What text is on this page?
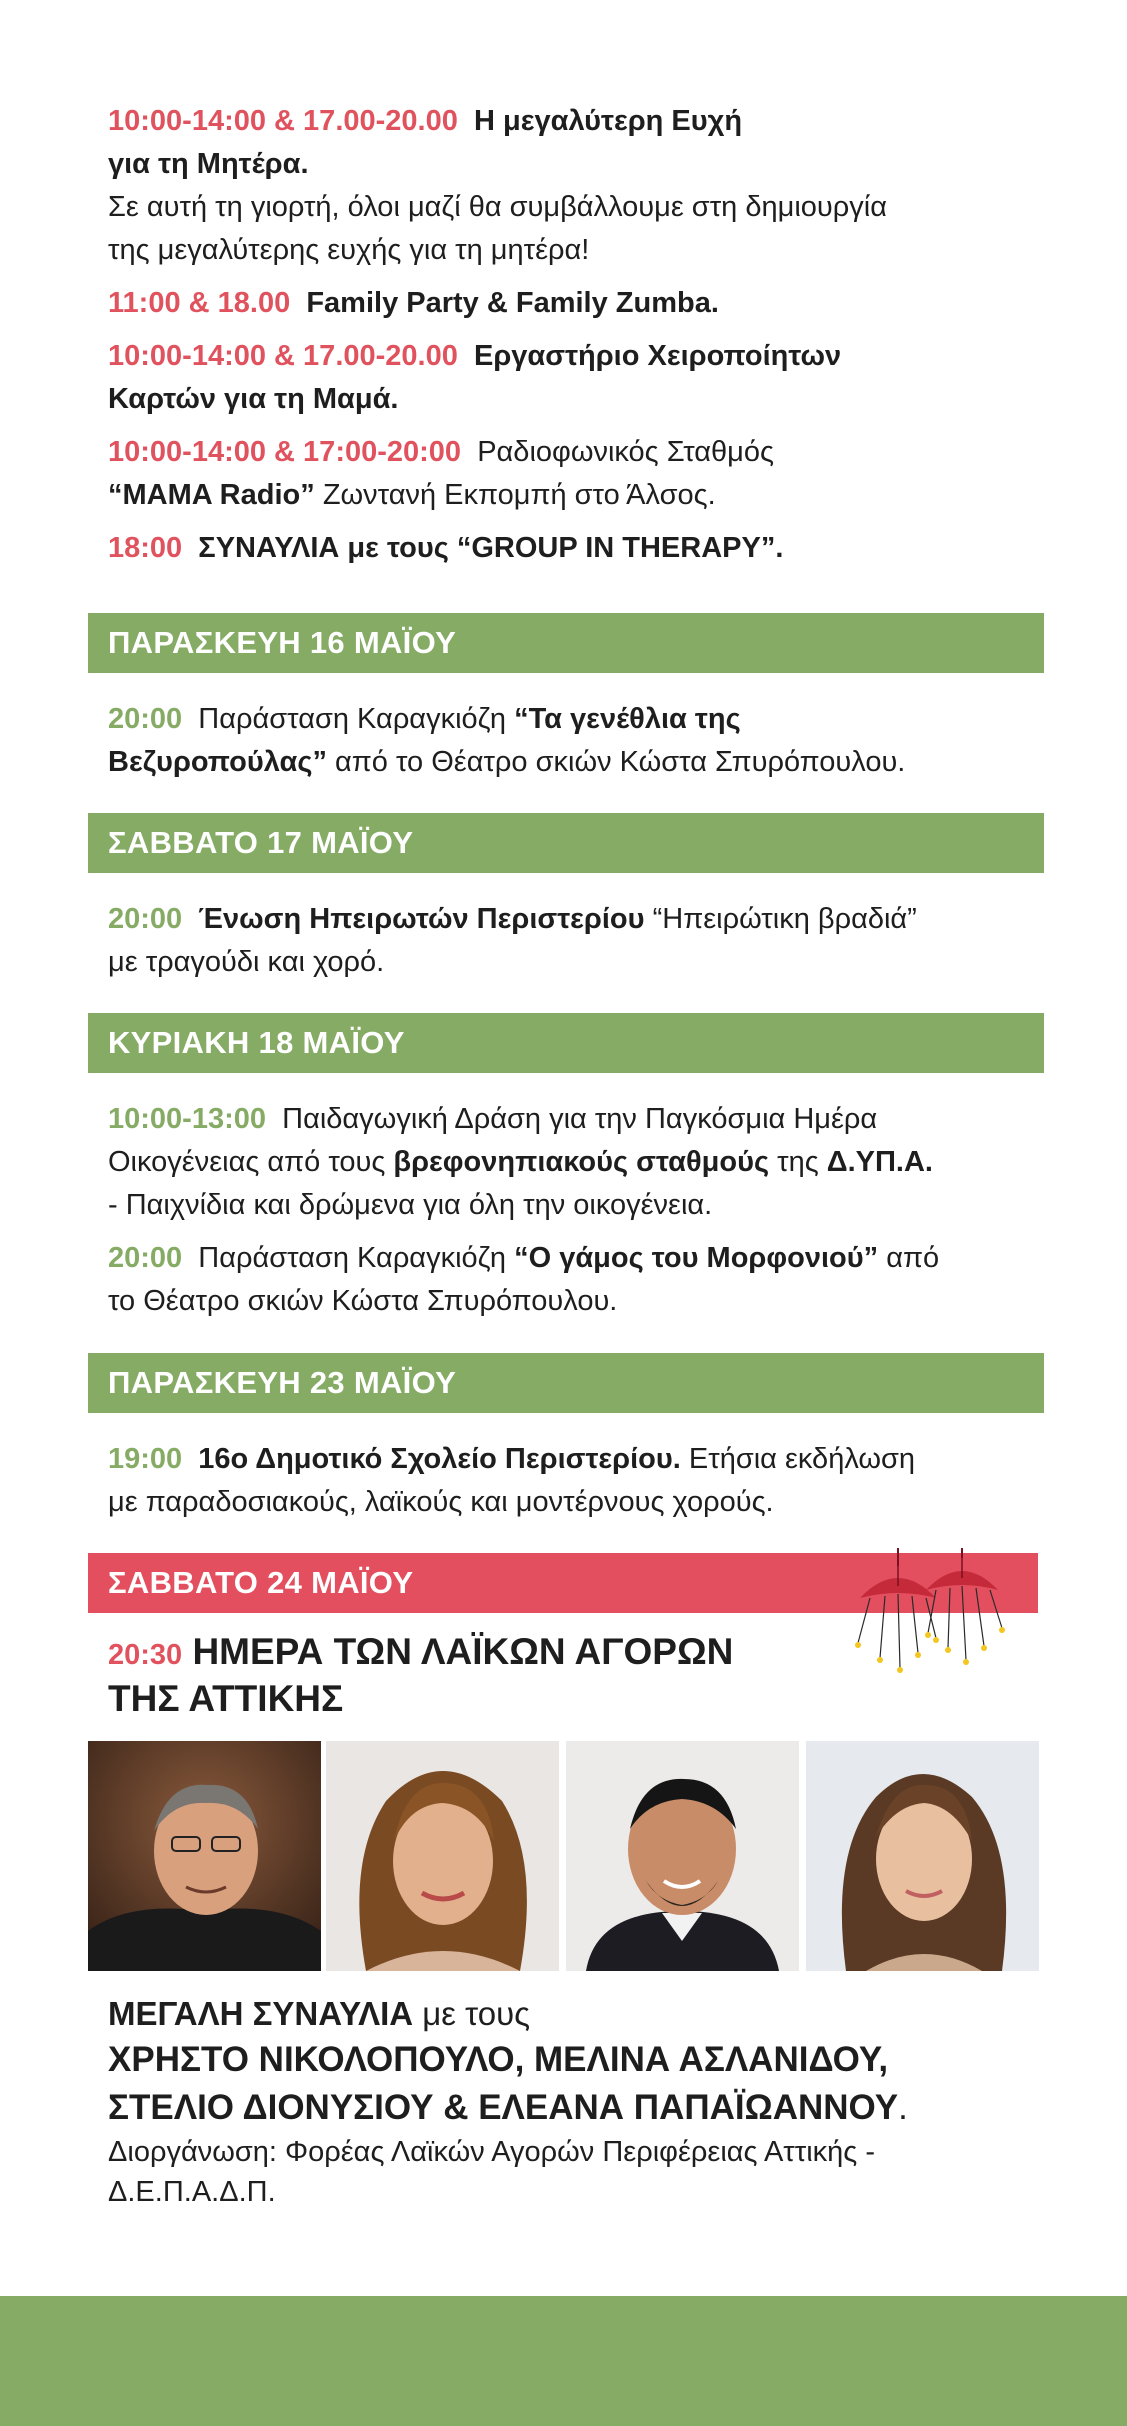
10:00-14:00 & 17.00-20.00 Η μεγαλύτερη Ευχή
για τη Μητέρα.
Σε αυτή τη γιορτή, όλοι μαζί θα συμβάλλουμε στη δημιουργία
της μεγαλύτερης ευχής για τη μητέρα!

11:00 & 18.00 Family Party & Family Zumba.

10:00-14:00 & 17.00-20.00 Εργαστήριο Χειροποίητων
Καρτών για τη Μαμά.

10:00-14:00 & 17:00-20:00 Ραδιοφωνικός Σταθμός
“MAMA Radio” Ζωντανή Εκπομπή στο Άλσος.

18:00 ΣΥΝΑΥΛΙΑ με τους “GROUP IN THERAPY”.

ΠΑΡΑΣΚΕΥΗ 16 ΜΑΪΟΥ

20:00 Παράσταση Καραγκιόζη “Τα γενέθλια της
Βεζυροπούλας” από το Θέατρο σκιών Κώστα Σπυρόπουλου.

ΣΑΒΒΑΤΟ 17 ΜΑΪΟΥ

20:00 Ένωση Ηπειρωτών Περιστερίου “Ηπειρώτικη βραδιά”
με τραγούδι και χορό.

ΚΥΡΙΑΚΗ 18 ΜΑΪΟΥ

10:00-13:00 Παιδαγωγική Δράση για την Παγκόσμια Ημέρα
Οικογένειας από τους βρεφονηπιακούς σταθμούς της Δ.ΥΠ.Α.
- Παιχνίδια και δρώμενα για όλη την οικογένεια.

20:00 Παράσταση Καραγκιόζη “Ο γάμος του Μορφονιού” από
το Θέατρο σκιών Κώστα Σπυρόπουλου.

ΠΑΡΑΣΚΕΥΗ 23 ΜΑΪΟΥ

19:00 16ο Δημοτικό Σχολείο Περιστερίου. Ετήσια εκδήλωση
με παραδοσιακούς, λαϊκούς και μοντέρνους χορούς.

ΣΑΒΒΑΤΟ 24 ΜΑΪΟΥ
20:30 ΗΜΕΡΑ ΤΩΝ ΛΑΪΚΩΝ ΑΓΟΡΩΝ
ΤΗΣ ΑΤΤΙΚΗΣ
ΜΕΓΑΛΗ ΣΥΝΑΥΛΙΑ με τους
ΧΡΗΣΤΟ ΝΙΚΟΛΟΠΟΥΛΟ, ΜΕΛΙΝΑ ΑΣΛΑΝΙΔΟΥ,
ΣΤΕΛΙΟ ΔΙΟΝΥΣΙΟΥ & ΕΛΕΑΝΑ ΠΑΠΑΪΩΑΝΝΟΥ.

Διοργάνωση: Φορέας Λαϊκών Αγορών Περιφέρειας Αττικής -
Δ.Ε.Π.Α.Δ.Π.
